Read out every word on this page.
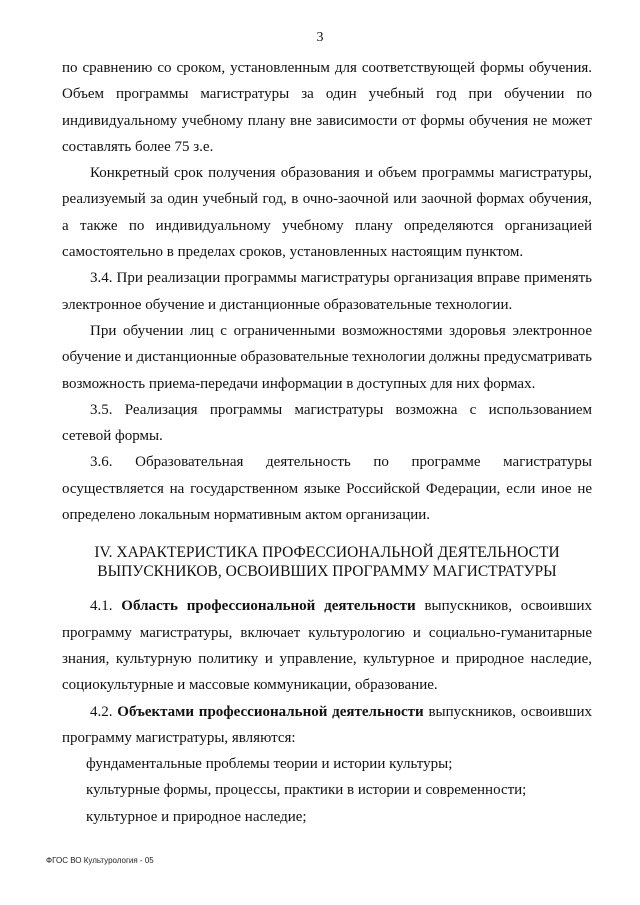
3

по сравнению со сроком, установленным для соответствующей формы обучения. Объем программы магистратуры за один учебный год при обучении по индивидуальному учебному плану вне зависимости от формы обучения не может составлять более 75 з.е.

Конкретный срок получения образования и объем программы магистратуры, реализуемый за один учебный год, в очно-заочной или заочной формах обучения, а также по индивидуальному учебному плану определяются организацией самостоятельно в пределах сроков, установленных настоящим пунктом.

3.4. При реализации программы магистратуры организация вправе применять электронное обучение и дистанционные образовательные технологии.

При обучении лиц с ограниченными возможностями здоровья электронное обучение и дистанционные образовательные технологии должны предусматривать возможность приема-передачи информации в доступных для них формах.

3.5. Реализация программы магистратуры возможна с использованием сетевой формы.

3.6. Образовательная деятельность по программе магистратуры осуществляется на государственном языке Российской Федерации, если иное не определено локальным нормативным актом организации.

IV. ХАРАКТЕРИСТИКА ПРОФЕССИОНАЛЬНОЙ ДЕЯТЕЛЬНОСТИ
ВЫПУСКНИКОВ, ОСВОИВШИХ ПРОГРАММУ МАГИСТРАТУРЫ

4.1. Область профессиональной деятельности выпускников, освоивших программу магистратуры, включает культурологию и социально-гуманитарные знания, культурную политику и управление, культурное и природное наследие, социокультурные и массовые коммуникации, образование.

4.2. Объектами профессиональной деятельности выпускников, освоивших программу магистратуры, являются:

фундаментальные проблемы теории и истории культуры;

культурные формы, процессы, практики в истории и современности;

культурное и природное наследие;

ФГОС ВО Культурология - 05
